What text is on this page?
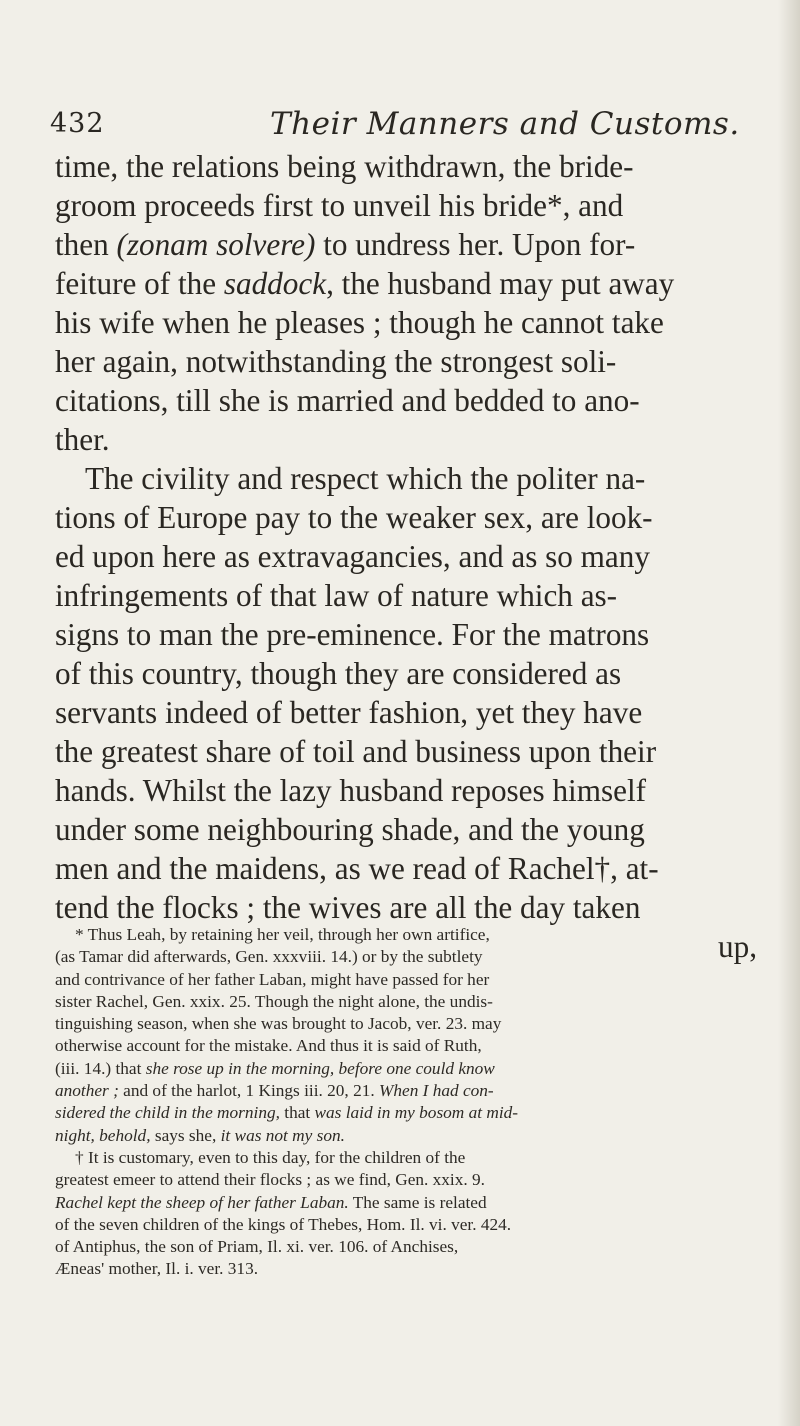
432	Their Manners and Customs.
time, the relations being withdrawn, the bride-
groom proceeds first to unveil his bride*, and
then (zonam solvere) to undress her. Upon for-
feiture of the saddock, the husband may put away
his wife when he pleases ; though he cannot take
her again, notwithstanding the strongest soli-
citations, till she is married and bedded to ano-
ther.
The civility and respect which the politer na-
tions of Europe pay to the weaker sex, are look-
ed upon here as extravagancies, and as so many
infringements of that law of nature which as-
signs to man the pre-eminence. For the matrons
of this country, though they are considered as
servants indeed of better fashion, yet they have
the greatest share of toil and business upon their
hands. Whilst the lazy husband reposes himself
under some neighbouring shade, and the young
men and the maidens, as we read of Rachel†, at-
tend the flocks ; the wives are all the day taken
up,
* Thus Leah, by retaining her veil, through her own artifice,
(as Tamar did afterwards, Gen. xxxviii. 14.) or by the subtlety
and contrivance of her father Laban, might have passed for her
sister Rachel, Gen. xxix. 25. Though the night alone, the undis-
tinguishing season, when she was brought to Jacob, ver. 23. may
otherwise account for the mistake. And thus it is said of Ruth,
(iii. 14.) that she rose up in the morning, before one could know
another ; and of the harlot, 1 Kings iii. 20, 21. When I had con-
sidered the child in the morning, that was laid in my bosom at mid-
night, behold, says she, it was not my son.
† It is customary, even to this day, for the children of the
greatest emeer to attend their flocks ; as we find, Gen. xxix. 9.
Rachel kept the sheep of her father Laban. The same is related
of the seven children of the kings of Thebes, Hom. Il. vi. ver. 424.
of Antiphus, the son of Priam, Il. xi. ver. 106. of Anchises,
Æneas' mother, Il. i. ver. 313.
